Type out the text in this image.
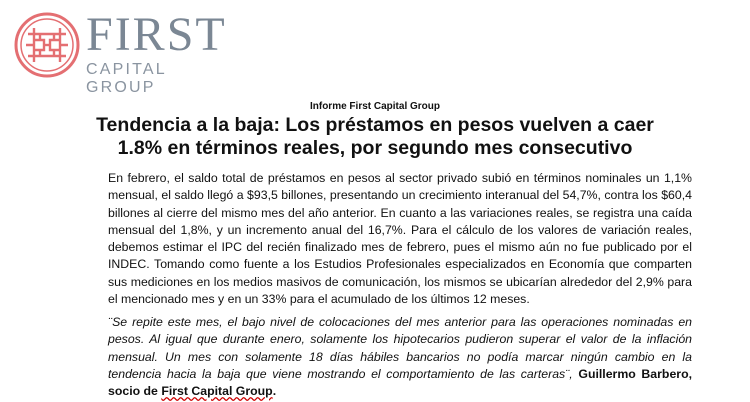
FIRST
CAPITAL GROUP
Informe First Capital Group
Tendencia a la baja: Los préstamos en pesos vuelven a caer 1.8% en términos reales, por segundo mes consecutivo

En febrero, el saldo total de préstamos en pesos al sector privado subió en términos nominales un 1,1% mensual, el saldo llegó a $93,5 billones, presentando un crecimiento interanual del 54,7%, contra los $60,4 billones al cierre del mismo mes del año anterior. En cuanto a las variaciones reales, se registra una caída mensual del 1,8%, y un incremento anual del 16,7%. Para el cálculo de los valores de variación reales, debemos estimar el IPC del recién finalizado mes de febrero, pues el mismo aún no fue publicado por el INDEC. Tomando como fuente a los Estudios Profesionales especializados en Economía que comparten sus mediciones en los medios masivos de comunicación, los mismos se ubicarían alrededor del 2,9% para el mencionado mes y en un 33% para el acumulado de los últimos 12 meses.

¨Se repite este mes, el bajo nivel de colocaciones del mes anterior para las operaciones nominadas en pesos. Al igual que durante enero, solamente los hipotecarios pudieron superar el valor de la inflación mensual. Un mes con solamente 18 días hábiles bancarios no podía marcar ningún cambio en la tendencia hacia la baja que viene mostrando el comportamiento de las carteras¨, Guillermo Barbero, socio de First Capital Group.
